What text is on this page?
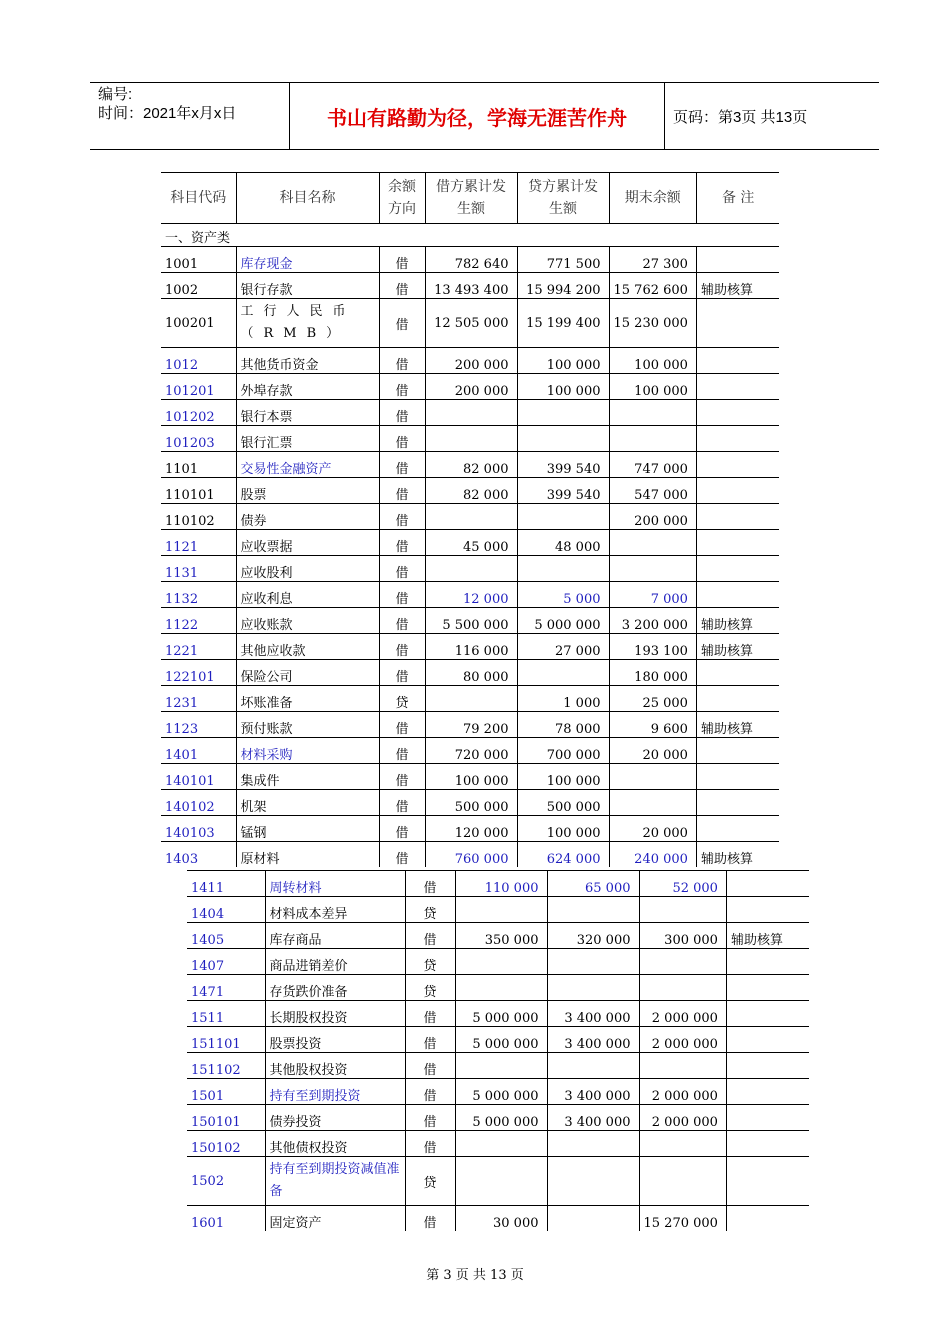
编号:
时间：2021年x月x日	书山有路勤为径，学海无涯苦作舟	页码：第3页 共13页
科目代码	科目名称	余额方向	借方累计发生额	贷方累计发生额	期末余额	备 注
一、资产类						
1001	库存现金	借	782 640	771 500	27 300	
1002	银行存款	借	13 493 400	15 994 200	15 762 600	辅助核算
100201	工行人民币（RMB）	借	12 505 000	15 199 400	15 230 000	
1012	其他货币资金	借	200 000	100 000	100 000	
101201	外埠存款	借	200 000	100 000	100 000	
101202	银行本票	借				
101203	银行汇票	借				
1101	交易性金融资产	借	82 000	399 540	747 000	
110101	股票	借	82 000	399 540	547 000	
110102	债券	借			200 000	
1121	应收票据	借	45 000	48 000		
1131	应收股利	借				
1132	应收利息	借	12 000	5 000	7 000	
1122	应收账款	借	5 500 000	5 000 000	3 200 000	辅助核算
1221	其他应收款	借	116 000	27 000	193 100	辅助核算
122101	保险公司	借	80 000		180 000	
1231	坏账准备	贷		1 000	25 000	
1123	预付账款	借	79 200	78 000	9 600	辅助核算
1401	材料采购	借	720 000	700 000	20 000	
140101	集成件	借	100 000	100 000		
140102	机架	借	500 000	500 000		
140103	锰钢	借	120 000	100 000	20 000	
1403	原材料	借	760 000	624 000	240 000	辅助核算
1411	周转材料	借	110 000	65 000	52 000	
1404	材料成本差异	贷				
1405	库存商品	借	350 000	320 000	300 000	辅助核算
1407	商品进销差价	贷				
1471	存货跌价准备	贷				
1511	长期股权投资	借	5 000 000	3 400 000	2 000 000	
151101	股票投资	借	5 000 000	3 400 000	2 000 000	
151102	其他股权投资	借				
1501	持有至到期投资	借	5 000 000	3 400 000	2 000 000	
150101	债券投资	借	5 000 000	3 400 000	2 000 000	
150102	其他债权投资	借				
1502	持有至到期投资减值准备	贷				
1601	固定资产	借	30 000		15 270 000	
第 3 页 共 13 页
